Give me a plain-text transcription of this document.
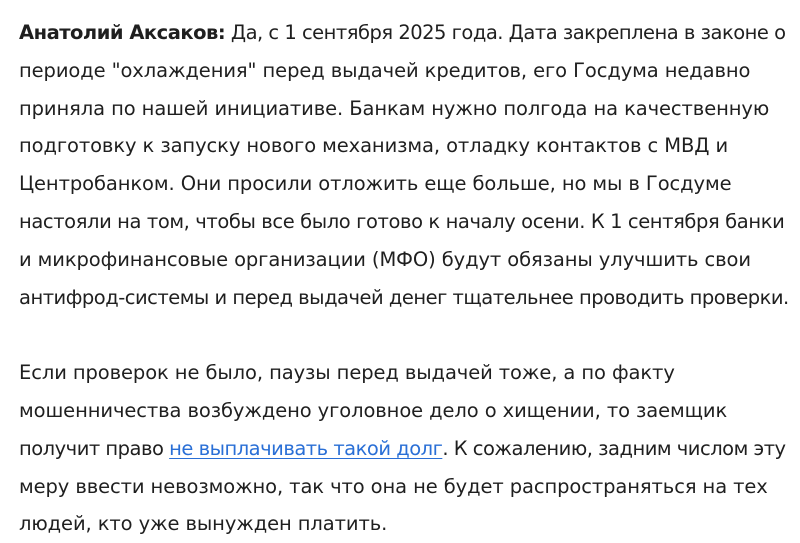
Анатолий Аксаков: Да, с 1 сентября 2025 года. Дата закреплена в законе о
периоде "охлаждения" перед выдачей кредитов, его Госдума недавно
приняла по нашей инициативе. Банкам нужно полгода на качественную
подготовку к запуску нового механизма, отладку контактов с МВД и
Центробанком. Они просили отложить еще больше, но мы в Госдуме
настояли на том, чтобы все было готово к началу осени. К 1 сентября банки
и микрофинансовые организации (МФО) будут обязаны улучшить свои
антифрод-системы и перед выдачей денег тщательнее проводить проверки.

Если проверок не было, паузы перед выдачей тоже, а по факту
мошенничества возбуждено уголовное дело о хищении, то заемщик
получит право не выплачивать такой долг. К сожалению, задним числом эту
меру ввести невозможно, так что она не будет распространяться на тех
людей, кто уже вынужден платить.
